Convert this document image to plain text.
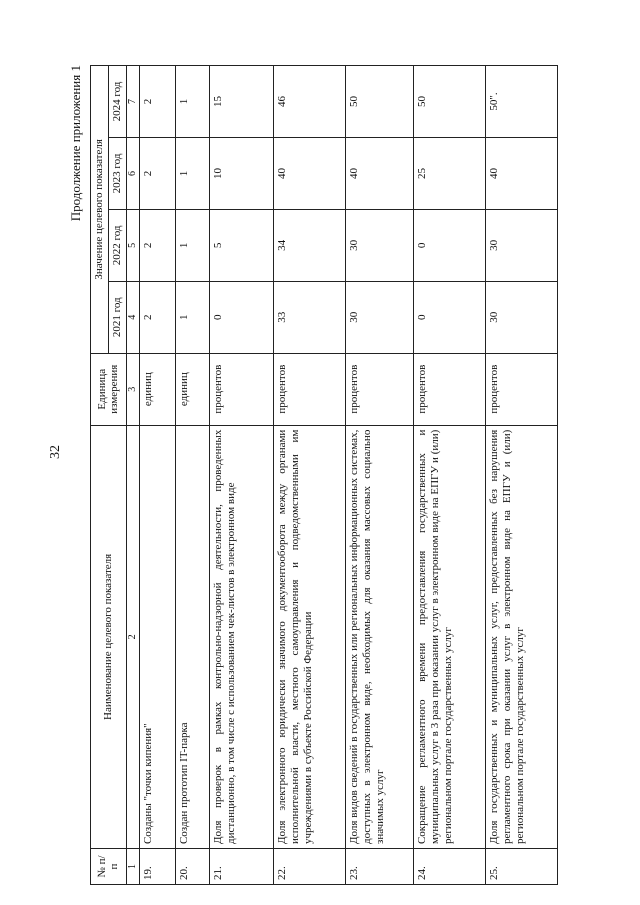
32
Продолжение приложения 1
№ п/п	Наименование целевого показателя	Единица измерения	Значение целевого показателя			
			2021 год	2022 год	2023 год	2024 год
1	2	3	4	5	6	7
19.	Созданы "точки кипения"	единиц	2	2	2	2
20.	Создан прототип IT-парка	единиц	1	1	1	1
21.	Доля проверок в рамках контрольно-надзорной деятельности, проведенных дистанционно, в том числе с использованием чек-листов в электронном виде	процентов	0	5	10	15
22.	Доля электронного юридически значимого документооборота между органами исполнительной власти, местного самоуправления и подведомственными им учреждениями в субъекте Российской Федерации	процентов	33	34	40	46
23.	Доля видов сведений в государственных или региональных информационных системах, доступных в электронном виде, необходимых для оказания массовых социально значимых услуг	процентов	30	30	40	50
24.	Сокращение регламентного времени предоставления государственных и муниципальных услуг в 3 раза при оказании услуг в электронном виде на ЕПГУ и (или) региональном портале государственных услуг	процентов	0	0	25	50
25.	Доля государственных и муниципальных услуг, предоставленных без нарушения регламентного срока при оказании услуг в электронном виде на ЕПГУ и (или) региональном портале государственных услуг	процентов	30	30	40	50".
